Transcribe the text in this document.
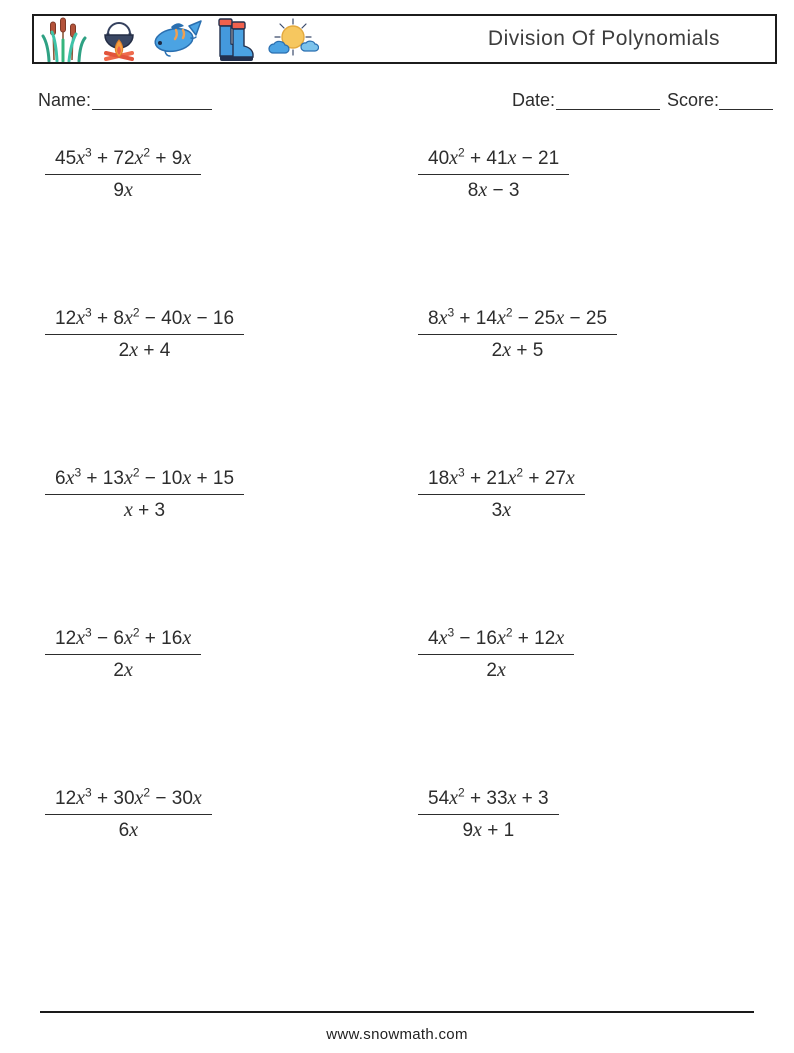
Division Of Polynomials
Name:	Date:	Score:
$\frac{45x^3 + 72x^2 + 9x}{9x}$	$\frac{40x^2 + 41x - 21}{8x - 3}$
$\frac{12x^3 + 8x^2 - 40x - 16}{2x + 4}$	$\frac{8x^3 + 14x^2 - 25x - 25}{2x + 5}$
$\frac{6x^3 + 13x^2 - 10x + 15}{x + 3}$	$\frac{18x^3 + 21x^2 + 27x}{3x}$
$\frac{12x^3 - 6x^2 + 16x}{2x}$	$\frac{4x^3 - 16x^2 + 12x}{2x}$
$\frac{12x^3 + 30x^2 - 30x}{6x}$	$\frac{54x^2 + 33x + 3}{9x + 1}$
www.snowmath.com
